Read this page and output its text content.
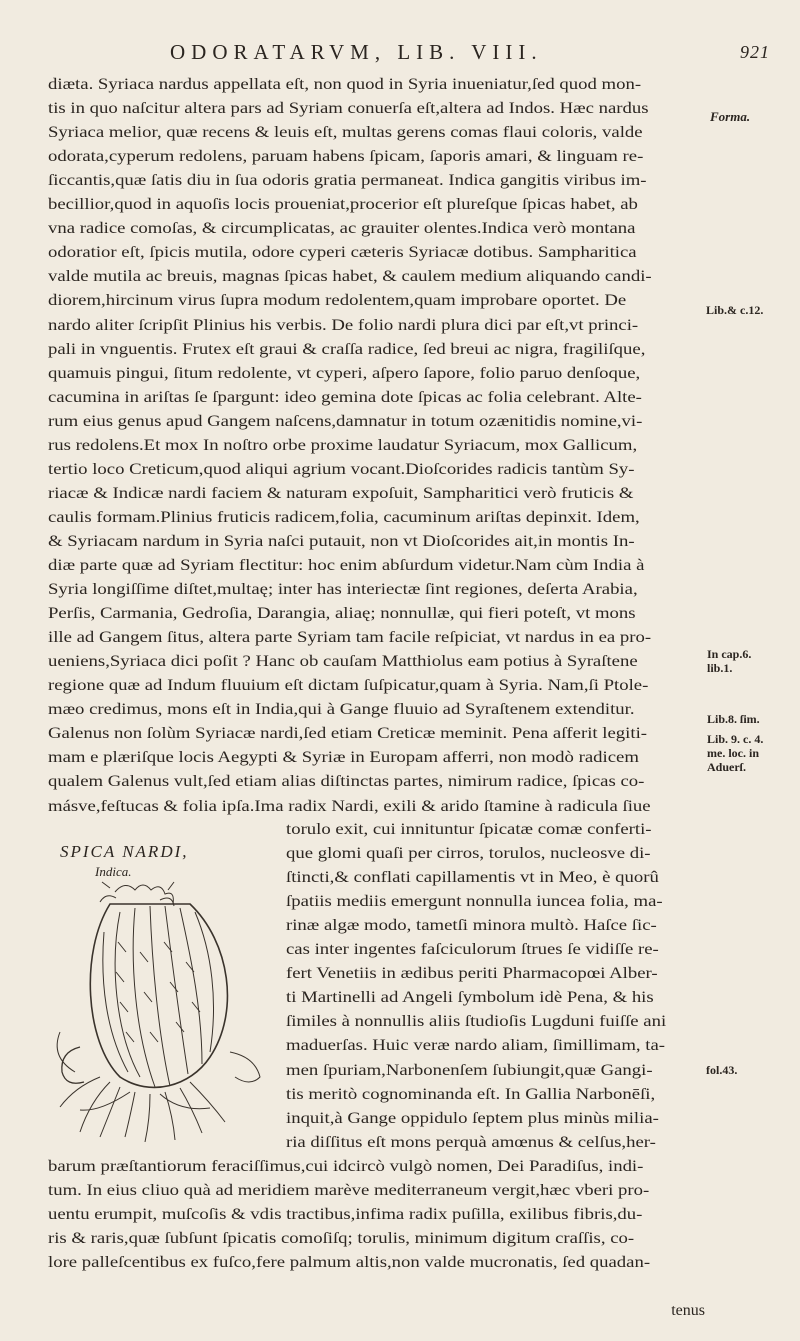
ODORATARVM, LIB. VIII.	921
diæta. Syriaca nardus appellata eſt, non quod in Syria inueniatur,ſed quod mon-
tis in quo naſcitur altera pars ad Syriam conuerſa eſt,altera ad Indos. Hæc nardus
Syriaca melior, quæ recens & leuis eſt, multas gerens comas flaui coloris, valde
odorata,cyperum redolens, paruam habens ſpicam, ſaporis amari, & linguam re-
ſiccantis,quæ ſatis diu in ſua odoris gratia permaneat. Indica gangitis viribus im-
becillior,quod in aquoſis locis proueniat,procerior eſt plureſque ſpicas habet, ab
vna radice comoſas, & circumplicatas, ac grauiter olentes.Indica verò montana
odoratior eſt, ſpicis mutila, odore cyperi cæteris Syriacæ dotibus. Sampharitica
valde mutila ac breuis, magnas ſpicas habet, & caulem medium aliquando candi-
diorem,hircinum virus ſupra modum redolentem,quam improbare oportet. De
nardo aliter ſcripſit Plinius his verbis. De folio nardi plura dici par eſt,vt princi-
pali in vnguentis. Frutex eſt graui & craſſa radice, ſed breui ac nigra, fragiliſque,
quamuis pingui, ſitum redolente, vt cyperi, aſpero ſapore, folio paruo denſoque,
cacumina in ariſtas ſe ſpargunt: ideo gemina dote ſpicas ac folia celebrant. Alte-
rum eius genus apud Gangem naſcens,damnatur in totum ozænitidis nomine,vi-
rus redolens.Et mox In noſtro orbe proxime laudatur Syriacum, mox Gallicum,
tertio loco Creticum,quod aliqui agrium vocant.Dioſcorides radicis tantùm Sy-
riacæ & Indicæ nardi faciem & naturam expoſuit, Sampharitici verò fruticis &
caulis formam.Plinius fruticis radicem,folia, cacuminum ariſtas depinxit. Idem,
& Syriacam nardum in Syria naſci putauit, non vt Dioſcorides ait,in montis In-
diæ parte quæ ad Syriam flectitur: hoc enim abſurdum videtur.Nam cùm India à
Syria longiſſime diſtet,multaę; inter has interiectæ ſint regiones, deſerta Arabia,
Perſis, Carmania, Gedroſia, Darangia, aliaę; nonnullæ, qui fieri poteſt, vt mons
ille ad Gangem ſitus, altera parte Syriam tam facile reſpiciat, vt nardus in ea pro-
ueniens,Syriaca dici poſit ? Hanc ob cauſam Matthiolus eam potius à Syraſtene
regione quæ ad Indum fluuium eſt dictam ſuſpicatur,quam à Syria. Nam,ſi Ptole-
mæo credimus, mons eſt in India,qui à Gange fluuio ad Syraſtenem extenditur.
Galenus non ſolùm Syriacæ nardi,ſed etiam Creticæ meminit. Pena aſferit legiti-
mam e plæriſque locis Aegypti & Syriæ in Europam afferri, non modò radicem
qualem Galenus vult,ſed etiam alias diſtinctas partes, nimirum radice, ſpicas co-
másve,feſtucas & folia ipſa.Ima radix Nardi, exili & arido ſtamine à radicula ſiue
Forma.
Lib.& c.12.
In cap.6.
lib.1.
Lib.8. ſim.
Lib. 9. c. 4.
me. loc. in
Aduerſ.
fol.43.
SPICA NARDI,
Indica.
torulo exit, cui innituntur ſpicatæ comæ conferti-
que glomi quaſi per cirros, torulos, nucleosve di-
ſtincti,& conflati capillamentis vt in Meo, è quorû
ſpatiis mediis emergunt nonnulla iuncea folia, ma-
rinæ algæ modo, tametſi minora multò. Haſce ſic-
cas inter ingentes faſciculorum ſtrues ſe vidiſſe re-
fert Venetiis in ædibus periti Pharmacopœi Alber-
ti Martinelli ad Angeli ſymbolum idè Pena, & his
ſimiles à nonnullis aliis ſtudioſis Lugduni fuiſſe ani
maduerſas. Huic veræ nardo aliam, ſimillimam, ta-
men ſpuriam,Narbonenſem ſubiungit,quæ Gangi-
tis meritò cognominanda eſt. In Gallia Narbonēſi,
inquit,à Gange oppidulo ſeptem plus minùs milia-
ria diſſitus eſt mons perquà amœnus & celſus,her-
barum præſtantiorum feraciſſimus,cui idcircò vulgò nomen, Dei Paradiſus, indi-
tum. In eius cliuo quà ad meridiem marève mediterraneum vergit,hæc vberi pro-
uentu erumpit, muſcoſis & vdis tractibus,infima radix puſilla, exilibus fibris,du-
ris & raris,quæ ſubſunt ſpicatis comoſiſq; torulis, minimum digitum craſſis, co-
lore palleſcentibus ex fuſco,fere palmum altis,non valde mucronatis, ſed quadan-
tenus
